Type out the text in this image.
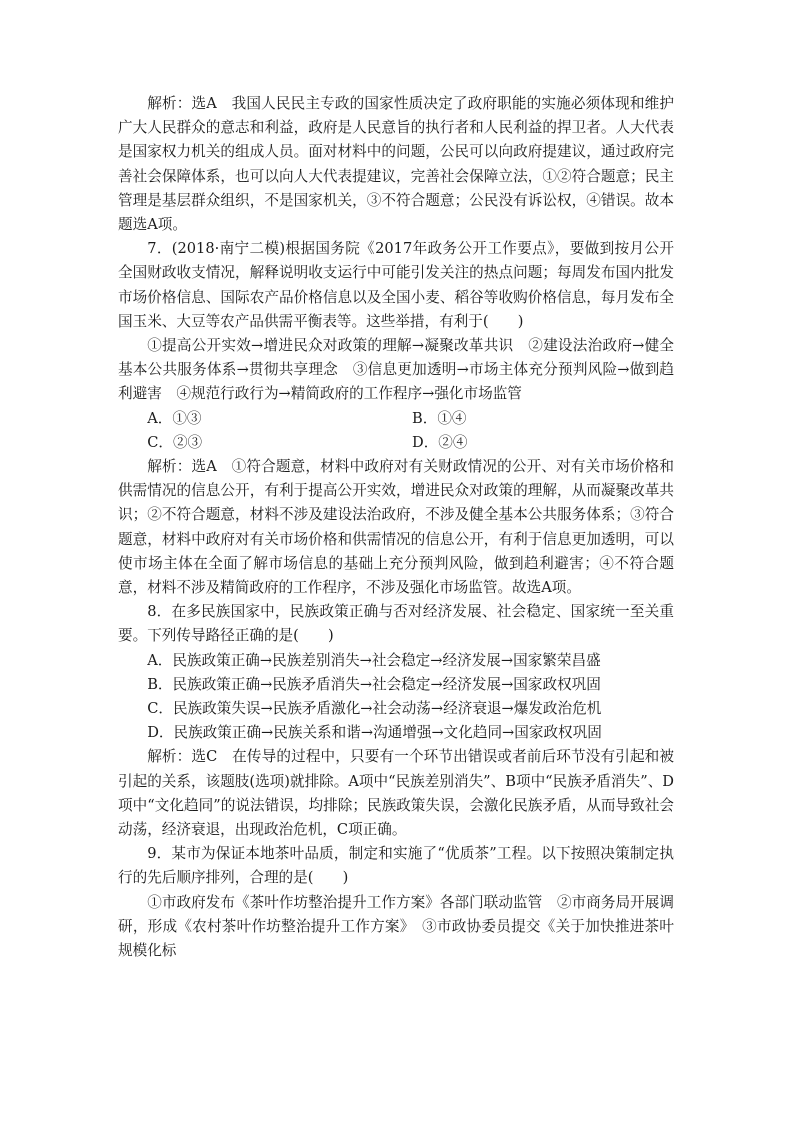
解析：选A　我国人民民主专政的国家性质决定了政府职能的实施必须体现和维护广大人民群众的意志和利益，政府是人民意旨的执行者和人民利益的捍卫者。人大代表是国家权力机关的组成人员。面对材料中的问题，公民可以向政府提建议，通过政府完善社会保障体系，也可以向人大代表提建议，完善社会保障立法，①②符合题意；民主管理是基层群众组织，不是国家机关，③不符合题意；公民没有诉讼权，④错误。故本题选A项。

7．(2018·南宁二模)根据国务院《2017年政务公开工作要点》，要做到按月公开全国财政收支情况，解释说明收支运行中可能引发关注的热点问题；每周发布国内批发市场价格信息、国际农产品价格信息以及全国小麦、稻谷等收购价格信息，每月发布全国玉米、大豆等农产品供需平衡表等。这些举措，有利于(　　)

①提高公开实效→增进民众对政策的理解→凝聚改革共识　②建设法治政府→健全基本公共服务体系→贯彻共享理念　③信息更加透明→市场主体充分预判风险→做到趋利避害　④规范行政行为→精简政府的工作程序→强化市场监管

A．①③	B．①④
C．②③	D．②④

解析：选A　①符合题意，材料中政府对有关财政情况的公开、对有关市场价格和供需情况的信息公开，有利于提高公开实效，增进民众对政策的理解，从而凝聚改革共识；②不符合题意，材料不涉及建设法治政府，不涉及健全基本公共服务体系；③符合题意，材料中政府对有关市场价格和供需情况的信息公开，有利于信息更加透明，可以使市场主体在全面了解市场信息的基础上充分预判风险，做到趋利避害；④不符合题意，材料不涉及精简政府的工作程序，不涉及强化市场监管。故选A项。

8．在多民族国家中，民族政策正确与否对经济发展、社会稳定、国家统一至关重要。下列传导路径正确的是(　　)

A．民族政策正确→民族差别消失→社会稳定→经济发展→国家繁荣昌盛

B．民族政策正确→民族矛盾消失→社会稳定→经济发展→国家政权巩固

C．民族政策失误→民族矛盾激化→社会动荡→经济衰退→爆发政治危机

D．民族政策正确→民族关系和谐→沟通增强→文化趋同→国家政权巩固

解析：选C　在传导的过程中，只要有一个环节出错误或者前后环节没有引起和被引起的关系，该题肢(选项)就排除。A项中“民族差别消失”、B项中“民族矛盾消失”、D项中“文化趋同”的说法错误，均排除；民族政策失误，会激化民族矛盾，从而导致社会动荡，经济衰退，出现政治危机，C项正确。

9．某市为保证本地茶叶品质，制定和实施了“优质茶”工程。以下按照决策制定执行的先后顺序排列，合理的是(　　)

①市政府发布《茶叶作坊整治提升工作方案》各部门联动监管　②市商务局开展调研，形成《农村茶叶作坊整治提升工作方案》　③市政协委员提交《关于加快推进茶叶规模化标
